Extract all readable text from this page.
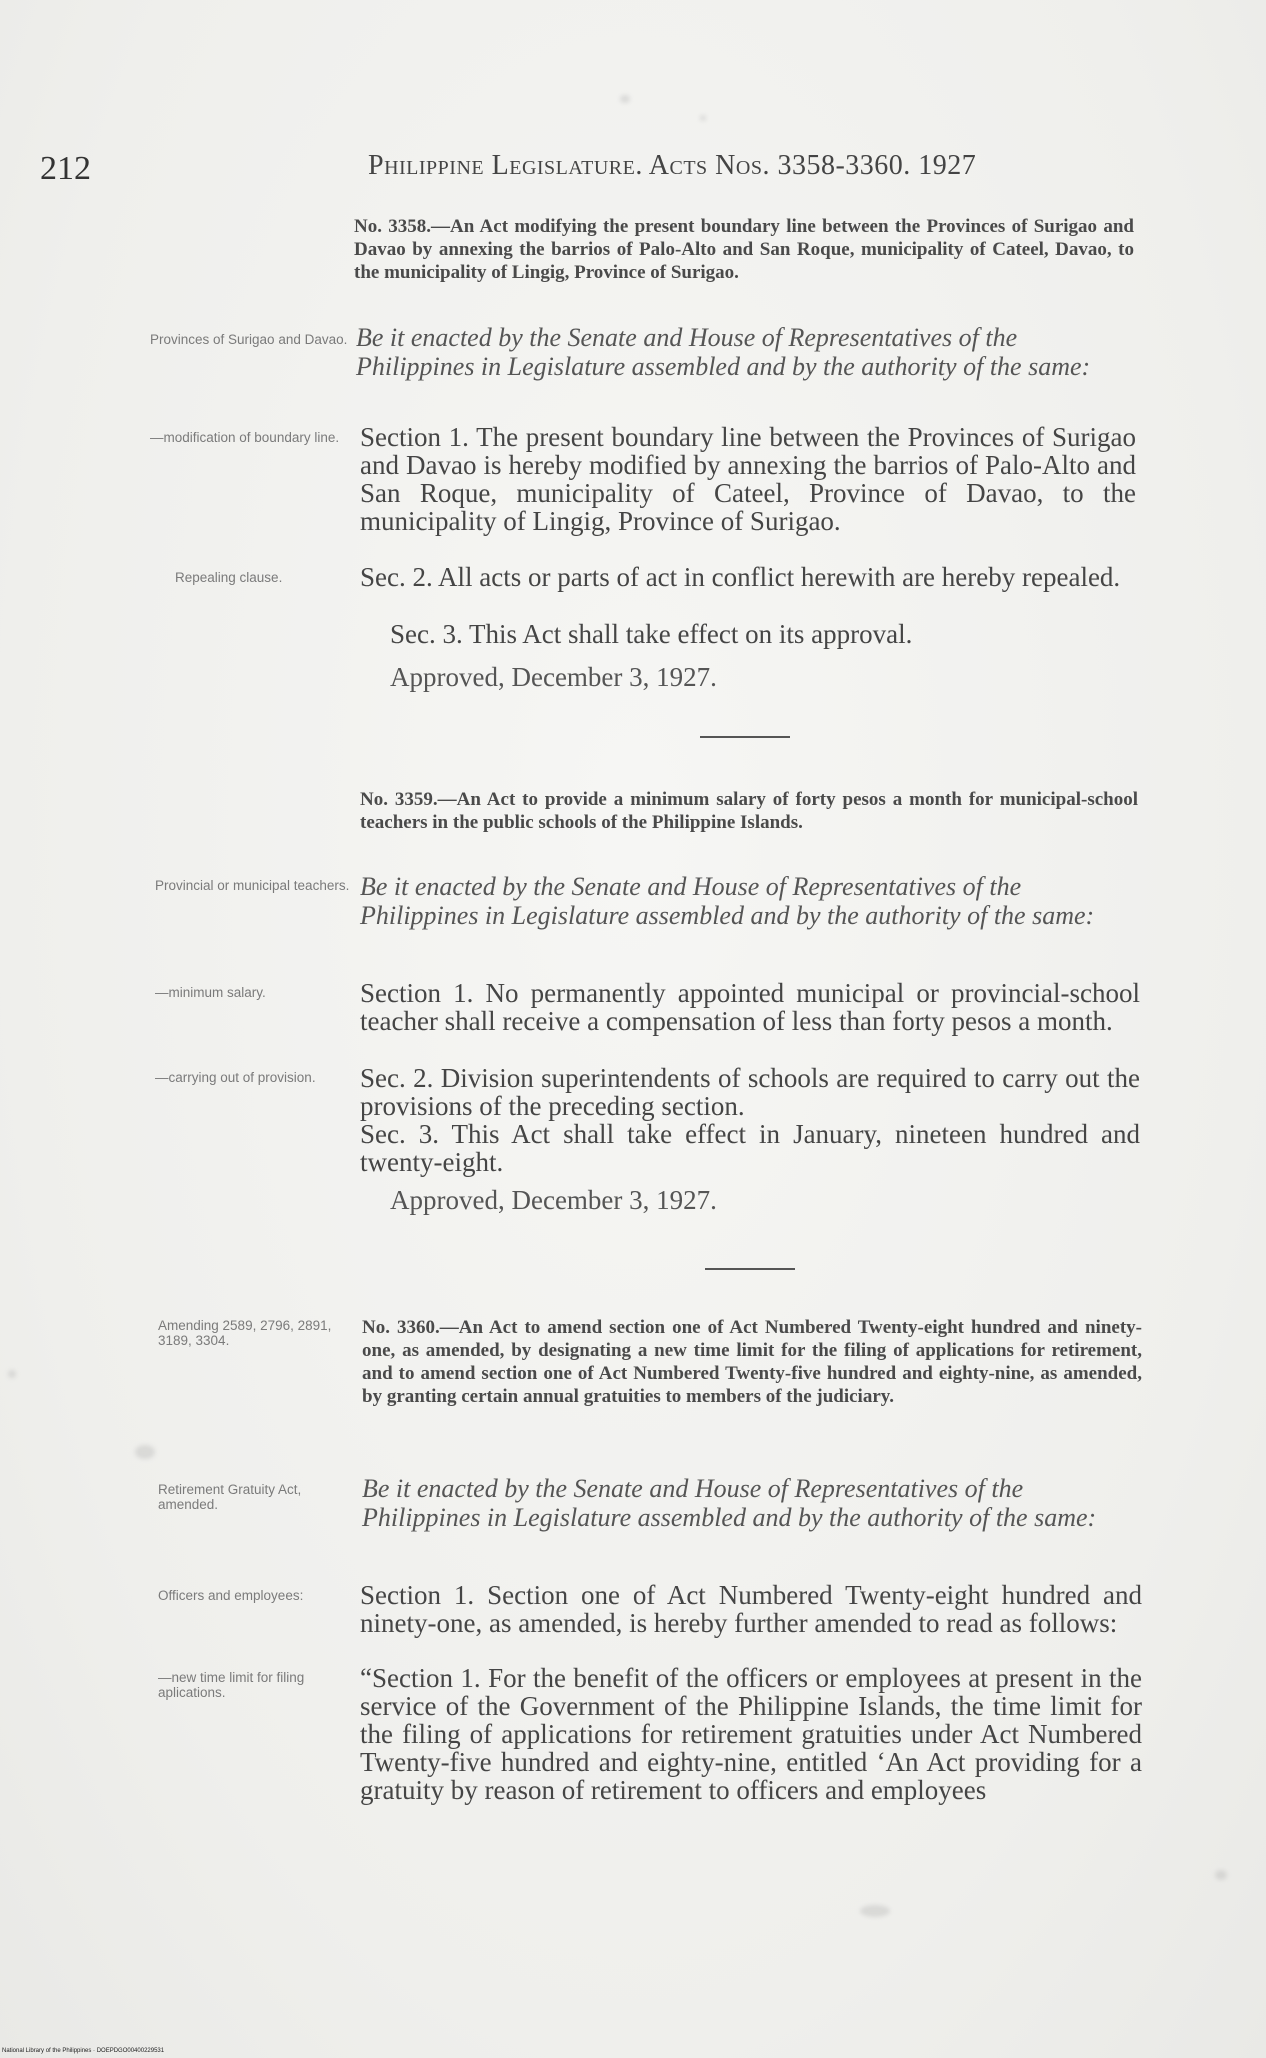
212	Philippine Legislature. Acts Nos. 3358-3360. 1927
No. 3358.—An Act modifying the present boundary line between the Provinces of Surigao and Davao by annexing the barrios of Palo-Alto and San Roque, municipality of Cateel, Davao, to the municipality of Lingig, Province of Surigao.
Provinces of Surigao and Davao. Be it enacted by the Senate and House of Representatives of the Philippines in Legislature assembled and by the authority of the same:
—modification of boundary line. Section 1. The present boundary line between the Provinces of Surigao and Davao is hereby modified by annexing the barrios of Palo-Alto and San Roque, municipality of Cateel, Province of Davao, to the municipality of Lingig, Province of Surigao.
Repealing clause.	Sec. 2. All acts or parts of act in conflict herewith are hereby repealed.
Sec. 3. This Act shall take effect on its approval.
Approved, December 3, 1927.
No. 3359.—An Act to provide a minimum salary of forty pesos a month for municipal-school teachers in the public schools of the Philippine Islands.
Provincial or municipal teachers. Be it enacted by the Senate and House of Representatives of the Philippines in Legislature assembled and by the authority of the same:
—minimum salary.	Section 1. No permanently appointed municipal or provincial-school teacher shall receive a compensation of less than forty pesos a month.
—carrying out of provision.	Sec. 2. Division superintendents of schools are required to carry out the provisions of the preceding section.
Sec. 3. This Act shall take effect in January, nineteen hundred and twenty-eight.
Approved, December 3, 1927.
Amending 2589, 2796, 2891, 3189, 3304.
No. 3360.—An Act to amend section one of Act Numbered Twenty-eight hundred and ninety-one, as amended, by designating a new time limit for the filing of applications for retirement, and to amend section one of Act Numbered Twenty-five hundred and eighty-nine, as amended, by granting certain annual gratuities to members of the judiciary.
Retirement Gratuity Act, amended.
Be it enacted by the Senate and House of Representatives of the Philippines in Legislature assembled and by the authority of the same:
Officers and employees:	Section 1. Section one of Act Numbered Twenty-eight hundred and ninety-one, as amended, is hereby further amended to read as follows:
—new time limit for filing aplications.	“Section 1. For the benefit of the officers or employees at present in the service of the Government of the Philippine Islands, the time limit for the filing of applications for retirement gratuities under Act Numbered Twenty-five hundred and eighty-nine, entitled ‘An Act providing for a gratuity by reason of retirement to officers and employees
National Library of the Philippines · DOEPDGO00400229531
